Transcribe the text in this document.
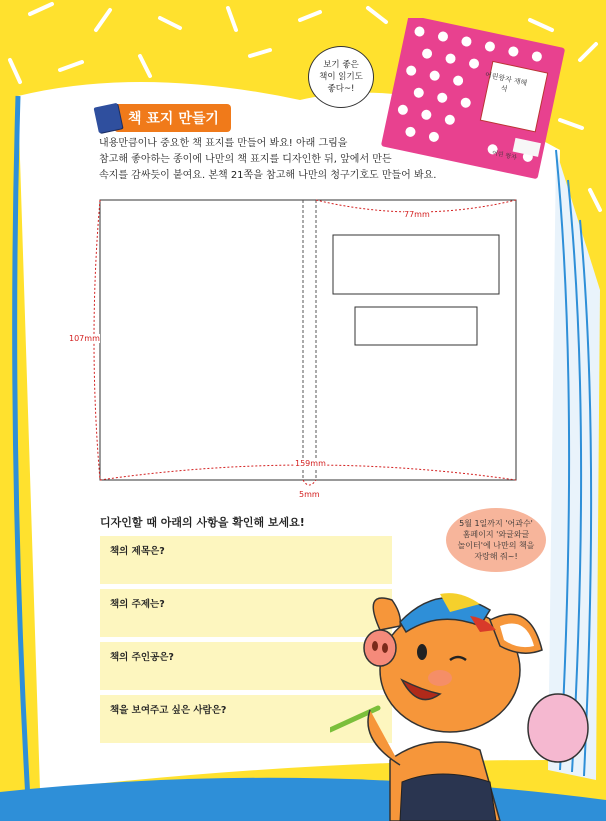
어린왕자 재해석
어린 왕자
보기 좋은
책이 읽기도
좋다~!
책 표지 만들기
내용만큼이나 중요한 책 표지를 만들어 봐요! 아래 그림을
참고해 좋아하는 종이에 나만의 책 표지를 디자인한 뒤, 앞에서 만든
속지를 감싸듯이 붙여요. 본책 21쪽을 참고해 나만의 청구기호도 만들어 봐요.
107mm
159mm
77mm
5mm
디자인할 때 아래의 사항을 확인해 보세요!
책의 제목은?
책의 주제는?
책의 주인공은?
책을 보여주고 싶은 사람은?
5월 1일까지 '어과수'
홈페이지 '와글와글
놀이터'에 나만의 책을
자랑해 줘~!
